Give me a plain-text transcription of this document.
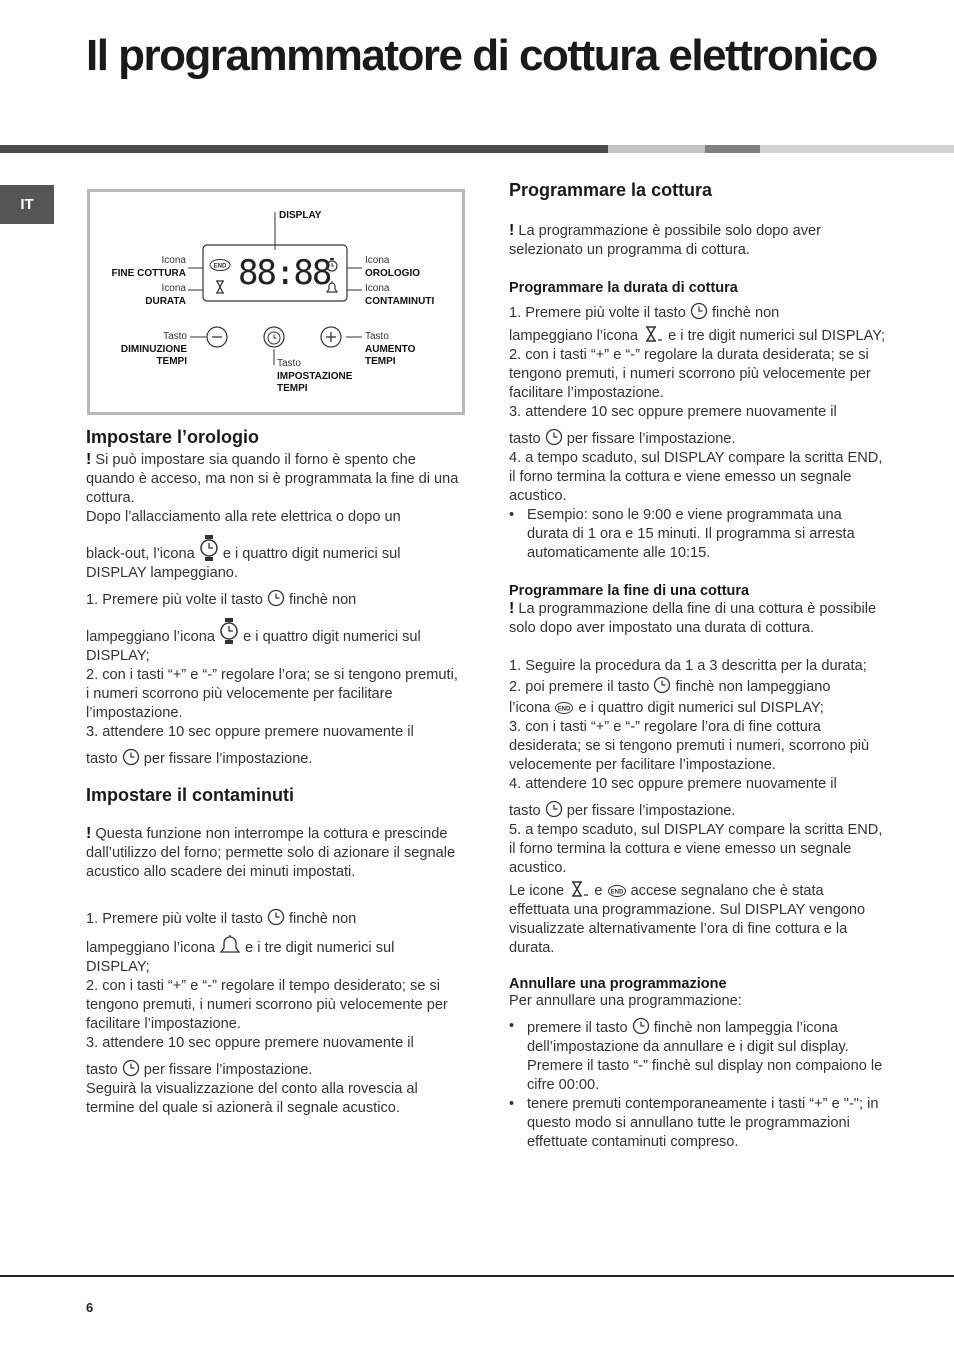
Il programmmatore di cottura elettronico
IT
DISPLAY
88:88
END
Icona
FINE COTTURA
Icona
DURATA
Icona
OROLOGIO
Icona
CONTAMINUTI
Tasto
DIMINUZIONE
TEMPI
Tasto
AUMENTO
TEMPI
Tasto
IMPOSTAZIONE
TEMPI
Impostare l’orologio

! Si può impostare sia quando il forno è spento che quando è acceso, ma non si è programmata la fine di una cottura.

Dopo l’allacciamento alla rete elettrica o dopo un

black-out, l’icona e i quattro digit numerici sul DISPLAY lampeggiano.

1. Premere più volte il tasto finchè non

lampeggiano l’icona e i quattro digit numerici sul DISPLAY;

2. con i tasti “+” e “-” regolare l’ora; se si tengono premuti, i numeri scorrono più velocemente per facilitare l’impostazione.

3. attendere 10 sec oppure premere nuovamente il

tasto per fissare l’impostazione.

Impostare il contaminuti

! Questa funzione non interrompe la cottura e prescinde dall’utilizzo del forno; permette solo di azionare il segnale acustico allo scadere dei minuti impostati.

1. Premere più volte il tasto finchè non

lampeggiano l’icona e i tre digit numerici sul DISPLAY;

2. con i tasti “+” e “-” regolare il tempo desiderato; se si tengono premuti, i numeri scorrono più velocemente per facilitare l’impostazione.

3. attendere 10 sec oppure premere nuovamente il

tasto per fissare l’impostazione.

Seguirà la visualizzazione del conto alla rovescia al termine del quale si azionerà il segnale acustico.

Programmare la cottura

! La programmazione è possibile solo dopo aver selezionato un programma di cottura.

Programmare la durata di cottura

1. Premere più volte il tasto finchè non

lampeggiano l’icona e i tre digit numerici sul DISPLAY;

2. con i tasti “+” e “-” regolare la durata desiderata; se si tengono premuti, i numeri scorrono più velocemente per facilitare l’impostazione.

3. attendere 10 sec oppure premere nuovamente il

tasto per fissare l’impostazione.

4. a tempo scaduto, sul DISPLAY compare la scritta END, il forno termina la cottura e viene emesso un segnale acustico.

• Esempio: sono le 9:00 e viene programmata una durata di 1 ora e 15 minuti. Il programma si arresta automaticamente alle 10:15.
Programmare la fine di una cottura

! La programmazione della fine di una cottura è possibile solo dopo aver impostato una durata di cottura.

1. Seguire la procedura da 1 a 3 descritta per la durata;

2. poi premere il tasto finchè non lampeggiano

l’icona END e i quattro digit numerici sul DISPLAY;

3. con i tasti “+” e “-” regolare l’ora di fine cottura desiderata; se si tengono premuti i numeri, scorrono più velocemente per facilitare l’impostazione.

4. attendere 10 sec oppure premere nuovamente il

tasto per fissare l’impostazione.

5. a tempo scaduto, sul DISPLAY compare la scritta END, il forno termina la cottura e viene emesso un segnale acustico.

Le icone e END accese segnalano che è stata effettuata una programmazione. Sul DISPLAY vengono visualizzate alternativamente l’ora di fine cottura e la durata.

Annullare una programmazione

Per annullare una programmazione:

• premere il tasto finchè non lampeggia l’icona dell’impostazione da annullare e i digit sul display. Premere il tasto “-” finchè sul display non compaiono le cifre 00:00.
• tenere premuti contemporaneamente i tasti “+” e "-"; in questo modo si annullano tutte le programmazioni effettuate contaminuti compreso.
6
